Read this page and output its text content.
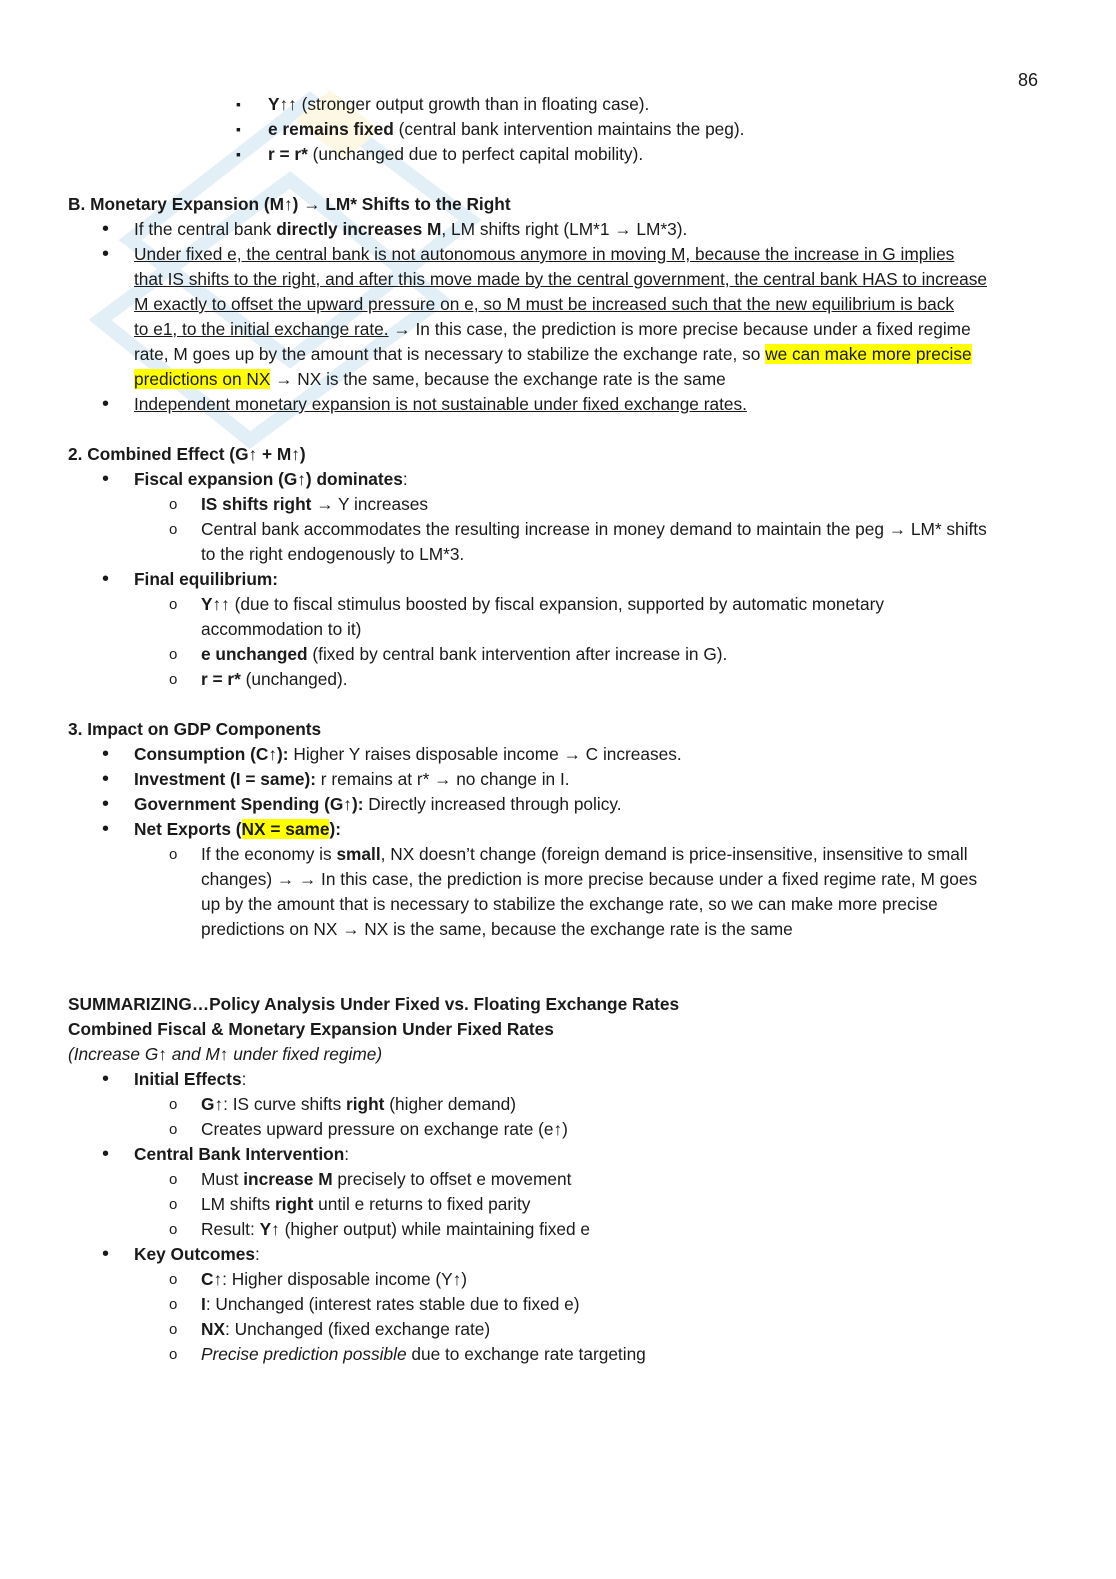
86
▪
Y↑↑ (stronger output growth than in floating case).
▪
e remains fixed (central bank intervention maintains the peg).
▪
r = r* (unchanged due to perfect capital mobility).
B. Monetary Expansion (M↑) → LM* Shifts to the Right
•
If the central bank directly increases M, LM shifts right (LM*1 → LM*3).
•
Under fixed e, the central bank is not autonomous anymore in moving M, because the increase in G implies
that IS shifts to the right, and after this move made by the central government, the central bank HAS to increase
M exactly to offset the upward pressure on e, so M must be increased such that the new equilibrium is back
to e1, to the initial exchange rate. → In this case, the prediction is more precise because under a fixed regime
rate, M goes up by the amount that is necessary to stabilize the exchange rate, so we can make more precise
predictions on NX → NX is the same, because the exchange rate is the same
•
Independent monetary expansion is not sustainable under fixed exchange rates.
2. Combined Effect (G↑ + M↑)
•
Fiscal expansion (G↑) dominates:
o
IS shifts right → Y increases
o
Central bank accommodates the resulting increase in money demand to maintain the peg → LM* shifts
to the right endogenously to LM*3.
•
Final equilibrium:
o
Y↑↑ (due to fiscal stimulus boosted by fiscal expansion, supported by automatic monetary
accommodation to it)
o
e unchanged (fixed by central bank intervention after increase in G).
o
r = r* (unchanged).
3. Impact on GDP Components
•
Consumption (C↑): Higher Y raises disposable income → C increases.
•
Investment (I = same): r remains at r* → no change in I.
•
Government Spending (G↑): Directly increased through policy.
•
Net Exports (NX = same):
o
If the economy is small, NX doesn’t change (foreign demand is price-insensitive, insensitive to small
changes) → → In this case, the prediction is more precise because under a fixed regime rate, M goes
up by the amount that is necessary to stabilize the exchange rate, so we can make more precise
predictions on NX → NX is the same, because the exchange rate is the same
SUMMARIZING…Policy Analysis Under Fixed vs. Floating Exchange Rates
Combined Fiscal & Monetary Expansion Under Fixed Rates
(Increase G↑ and M↑ under fixed regime)
•
Initial Effects:
o
G↑: IS curve shifts right (higher demand)
o
Creates upward pressure on exchange rate (e↑)
•
Central Bank Intervention:
o
Must increase M precisely to offset e movement
o
LM shifts right until e returns to fixed parity
o
Result: Y↑ (higher output) while maintaining fixed e
•
Key Outcomes:
o
C↑: Higher disposable income (Y↑)
o
I: Unchanged (interest rates stable due to fixed e)
o
NX: Unchanged (fixed exchange rate)
o
Precise prediction possible due to exchange rate targeting
